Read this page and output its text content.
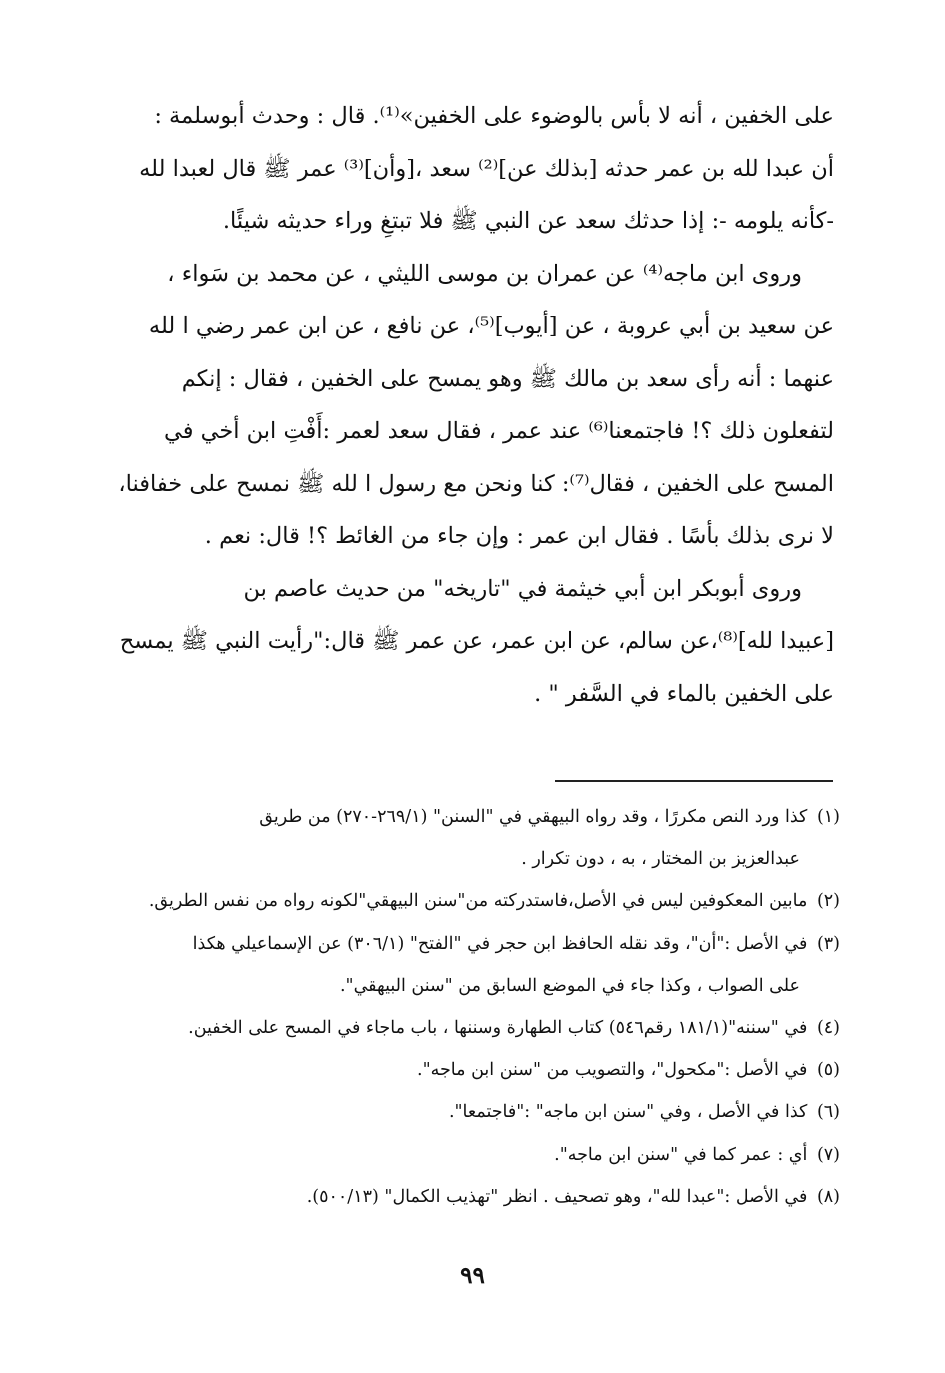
على الخفين ، أنه لا بأس بالوضوء على الخفين»⁽¹⁾. قال : وحدث أبوسلمة :
أن عبدا لله بن عمر حدثه [بذلك عن]⁽²⁾ سعد ،[وأن]⁽³⁾ عمر ﷺ قال لعبدا لله
-كأنه يلومه -: إذا حدثك سعد عن النبي ﷺ فلا تبتغِ وراء حديثه شيئًا.

وروى ابن ماجه⁽⁴⁾ عن عمران بن موسى الليثي ، عن محمد بن سَواء ،
عن سعيد بن أبي عروبة ، عن [أيوب]⁽⁵⁾، عن نافع ، عن ابن عمر رضي ا لله
عنهما : أنه رأى سعد بن مالك ﷺ وهو يمسح على الخفين ، فقال : إنكم
لتفعلون ذلك ؟! فاجتمعنا⁽⁶⁾ عند عمر ، فقال سعد لعمر :أَفْتِ ابن أخي في
المسح على الخفين ، فقال⁽⁷⁾: كنا ونحن مع رسول ا لله ﷺ نمسح على خفافنا،
لا نرى بذلك بأسًا . فقال ابن عمر : وإن جاء من الغائط ؟! قال: نعم .

وروى أبوبكر ابن أبي خيثمة في "تاريخه" من حديث عاصم بن
[عبيدا لله]⁽⁸⁾،عن سالم، عن ابن عمر، عن عمر ﷺ قال:"رأيت النبي ﷺ يمسح
على الخفين بالماء في السَّفر " .

(١) كذا ورد النص مكررًا ، وقد رواه البيهقي في "السنن" (٢٦٩/١-٢٧٠) من طريق
عبدالعزيز بن المختار ، به ، دون تكرار .
(٢) مابين المعكوفين ليس في الأصل،فاستدركته من"سنن البيهقي"لكونه رواه من نفس الطريق.
(٣) في الأصل :"أن"، وقد نقله الحافظ ابن حجر في "الفتح" (٣٠٦/١) عن الإسماعيلي هكذا
على الصواب ، وكذا جاء في الموضع السابق من "سنن البيهقي".
(٤) في "سننه"(١٨١/١ رقم٥٤٦) كتاب الطهارة وسننها ، باب ماجاء في المسح على الخفين.
(٥) في الأصل :"مكحول"، والتصويب من "سنن ابن ماجه".
(٦) كذا في الأصل ، وفي "سنن ابن ماجه" :"فاجتمعا".
(٧) أي : عمر كما في "سنن ابن ماجه".
(٨) في الأصل :"عبدا لله"، وهو تصحيف . انظر "تهذيب الكمال" (٥٠٠/١٣).
٩٩
